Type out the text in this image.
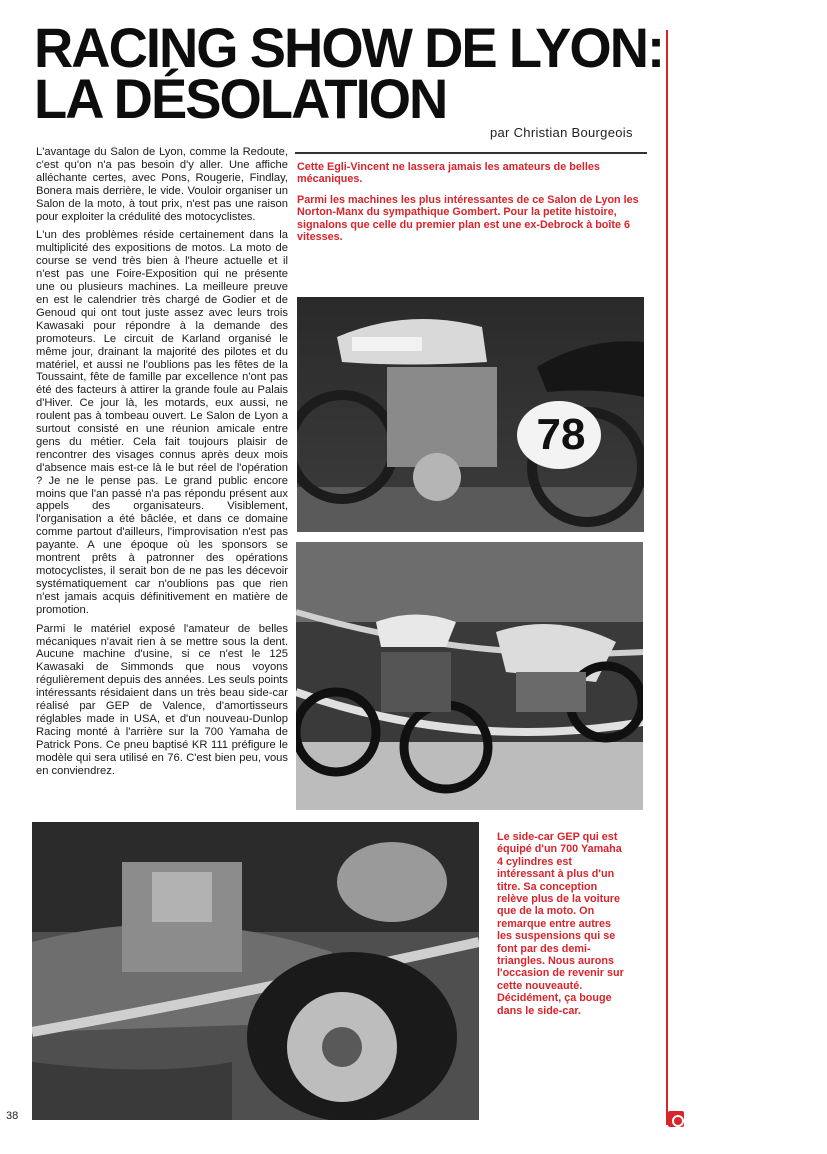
RACING SHOW DE LYON:
LA DÉSOLATION
par Christian Bourgeois

L'avantage du Salon de Lyon, comme la Redoute, c'est qu'on n'a pas besoin d'y aller. Une affiche alléchante certes, avec Pons, Rougerie, Findlay, Bonera mais derrière, le vide. Vouloir organiser un Salon de la moto, à tout prix, n'est pas une raison pour exploiter la crédulité des motocyclistes.

L'un des problèmes réside certainement dans la multiplicité des expositions de motos. La moto de course se vend très bien à l'heure actuelle et il n'est pas une Foire-Exposition qui ne présente une ou plusieurs machines. La meilleure preuve en est le calendrier très chargé de Godier et de Genoud qui ont tout juste assez avec leurs trois Kawasaki pour répondre à la demande des promoteurs. Le circuit de Karland organisé le même jour, drainant la majorité des pilotes et du matériel, et aussi ne l'oublions pas les fêtes de la Toussaint, fête de famille par excellence n'ont pas été des facteurs à attirer la grande foule au Palais d'Hiver. Ce jour là, les motards, eux aussi, ne roulent pas à tombeau ouvert. Le Salon de Lyon a surtout consisté en une réunion amicale entre gens du métier. Cela fait toujours plaisir de rencontrer des visages connus après deux mois d'absence mais est-ce là le but réel de l'opération ? Je ne le pense pas. Le grand public encore moins que l'an passé n'a pas répondu présent aux appels des organisateurs. Visiblement, l'organisation a été bâclée, et dans ce domaine comme partout d'ailleurs, l'improvisation n'est pas payante. A une époque où les sponsors se montrent prêts à patronner des opérations motocyclistes, il serait bon de ne pas les décevoir systématiquement car n'oublions pas que rien n'est jamais acquis définitivement en matière de promotion.

Parmi le matériel exposé l'amateur de belles mécaniques n'avait rien à se mettre sous la dent. Aucune machine d'usine, si ce n'est le 125 Kawasaki de Simmonds que nous voyons régulièrement depuis des années. Les seuls points intéressants résidaient dans un très beau side-car réalisé par GEP de Valence, d'amortisseurs réglables made in USA, et d'un nouveau-Dunlop Racing monté à l'arrière sur la 700 Yamaha de Patrick Pons. Ce pneu baptisé KR 111 préfigure le modèle qui sera utilisé en 76. C'est bien peu, vous en conviendrez.

Cette Egli-Vincent ne lassera jamais les amateurs de belles mécaniques.

Parmi les machines les plus intéressantes de ce Salon de Lyon les Norton-Manx du sympathique Gombert. Pour la petite histoire, signalons que celle du premier plan est une ex-Debrock à boîte 6 vitesses.

78
Le side-car GEP qui est équipé d'un 700 Yamaha 4 cylindres est intéressant à plus d'un titre. Sa conception relève plus de la voiture que de la moto. On remarque entre autres les suspensions qui se font par des demi-triangles. Nous aurons l'occasion de revenir sur cette nouveauté. Décidément, ça bouge dans le side-car.
38
